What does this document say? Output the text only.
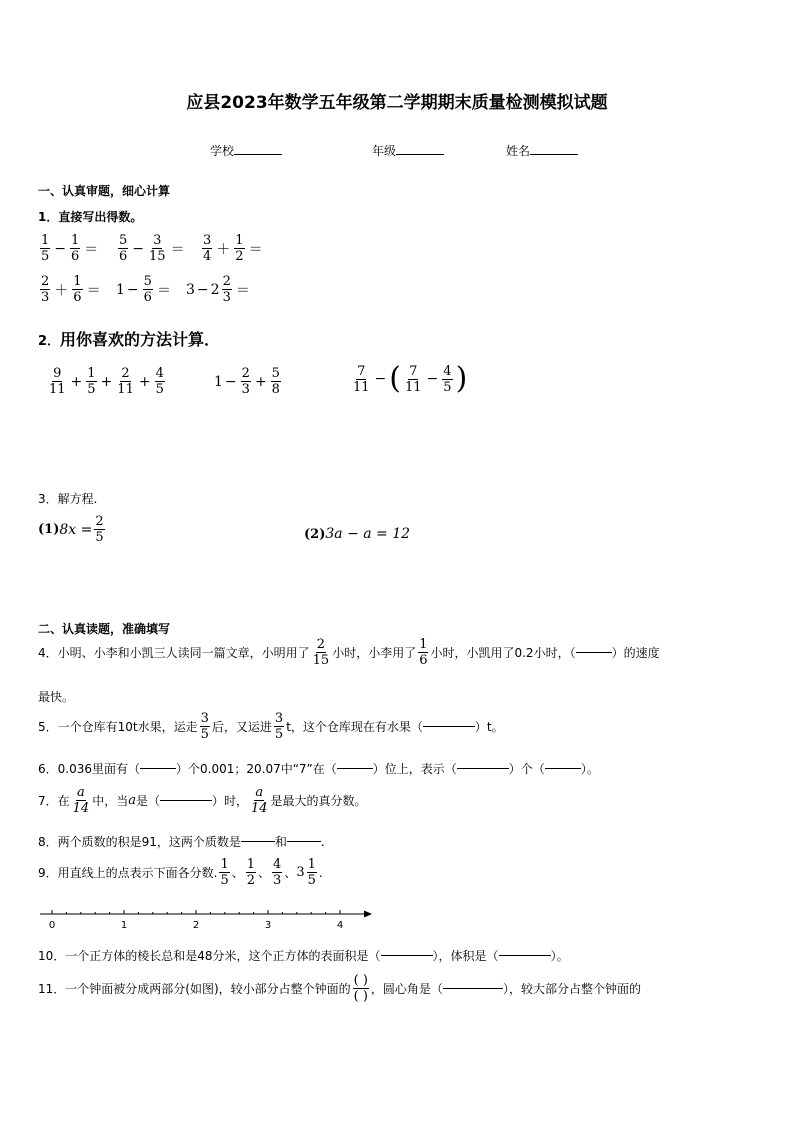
应县2023年数学五年级第二学期期末质量检测模拟试题
学校	年级	姓名
一、认真审题，细心计算
1．直接写出得数。
$\frac{1}{5} - \frac{1}{6} = \frac{5}{6} - \frac{3}{15} = \frac{3}{4} + \frac{1}{2}$ ＝
$\frac{2}{3} + \frac{1}{6} = 1 - \frac{5}{6} = 3 - 2 \frac{2}{3}$ ＝
2．用你喜欢的方法计算．
$\frac{9}{11} + \frac{1}{5} + \frac{2}{11} + \frac{4}{5}$	$1 - \frac{2}{3} + \frac{5}{8}$	$\frac{7}{11}$ − ( $\frac{7}{11} - \frac{4}{5}$ )
3．解方程.
(1) $8x = \frac{2}{5}$	(2) 3a − a = 12
二、认真读题，准确填写
4．小明、小李和小凯三人读同一篇文章，小明用了 $\frac{2}{15}$ 小时，小李用了 $\frac{1}{6}$ 小时，小凯用了0.2小时，（	）的速度
最快。
5．一个仓库有10t水果，运走 $\frac{3}{5}$ 后，又运进 $\frac{3}{5}$ t，这个仓库现在有水果（	）t。
6．0.036里面有（	）个0.001；20.07中“7”在（	）位上，表示（	）个（	）。
7．在 $\frac{a}{14}$ 中，当 a 是（	）时， $\frac{a}{14}$ 是最大的真分数。
8．两个质数的积是91，这两个质数是	和	.
9．用直线上的点表示下面各分数. $\frac{1}{5}$ 、 $\frac{1}{2}$ 、 $\frac{4}{3}$ 、 $3 \frac{1}{5}$ .
0	1	2	3	4
10．一个正方体的棱长总和是48分米，这个正方体的表面积是（	），体积是（	）。
11．一个钟面被分成两部分(如图)，较小部分占整个钟面的 $\frac{( )}{( )}$ ，圆心角是（	），较大部分占整个钟面的
